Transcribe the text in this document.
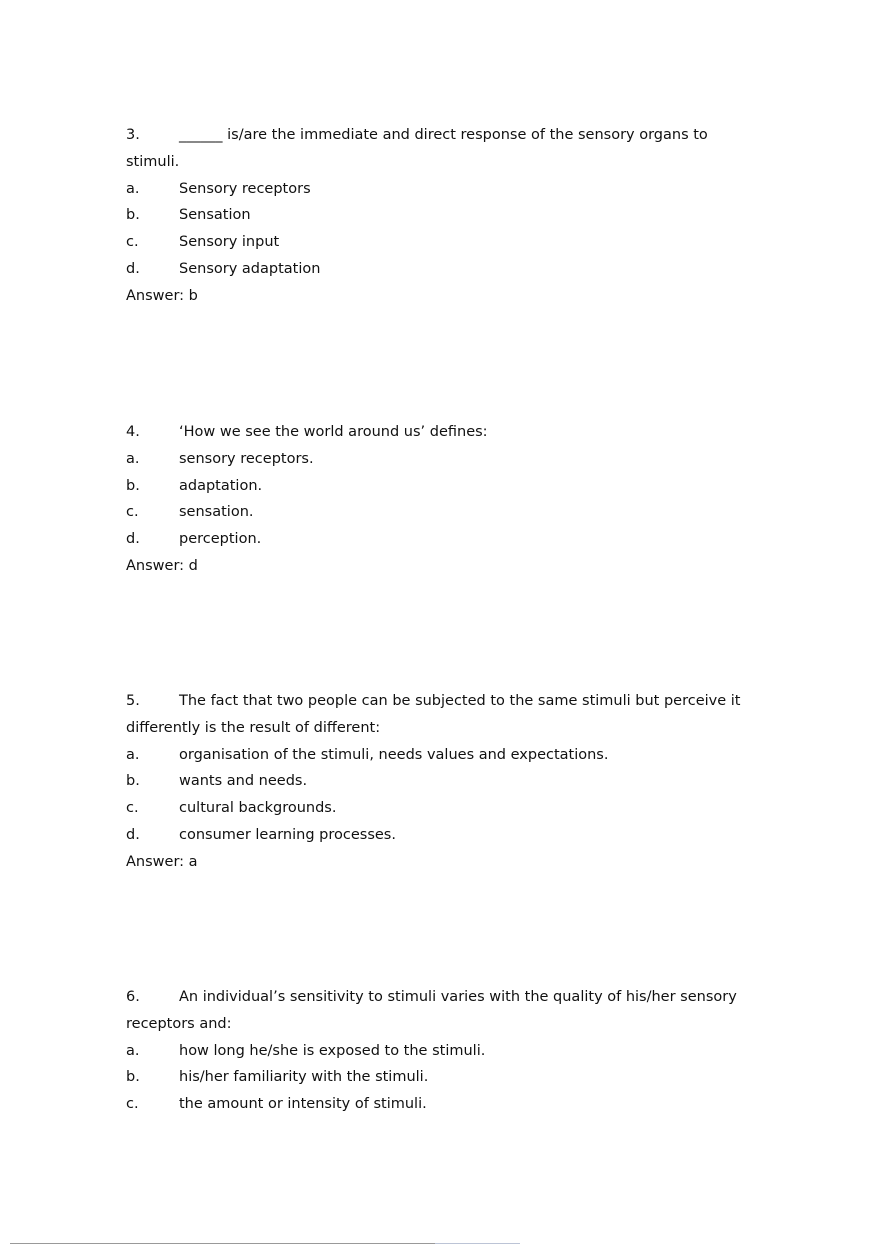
3.	______ is/are the immediate and direct response of the sensory organs to
stimuli.
a.	Sensory receptors
b.	Sensation
c.	Sensory input
d.	Sensory adaptation
Answer: b
4.	‘How we see the world around us’ defines:
a.	sensory receptors.
b.	adaptation.
c.	sensation.
d.	perception.
Answer: d
5.	The fact that two people can be subjected to the same stimuli but perceive it
differently is the result of different:
a.	organisation of the stimuli, needs values and expectations.
b.	wants and needs.
c.	cultural backgrounds.
d.	consumer learning processes.
Answer: a
6.	An individual’s sensitivity to stimuli varies with the quality of his/her sensory
receptors and:
a.	how long he/she is exposed to the stimuli.
b.	his/her familiarity with the stimuli.
c.	the amount or intensity of stimuli.
